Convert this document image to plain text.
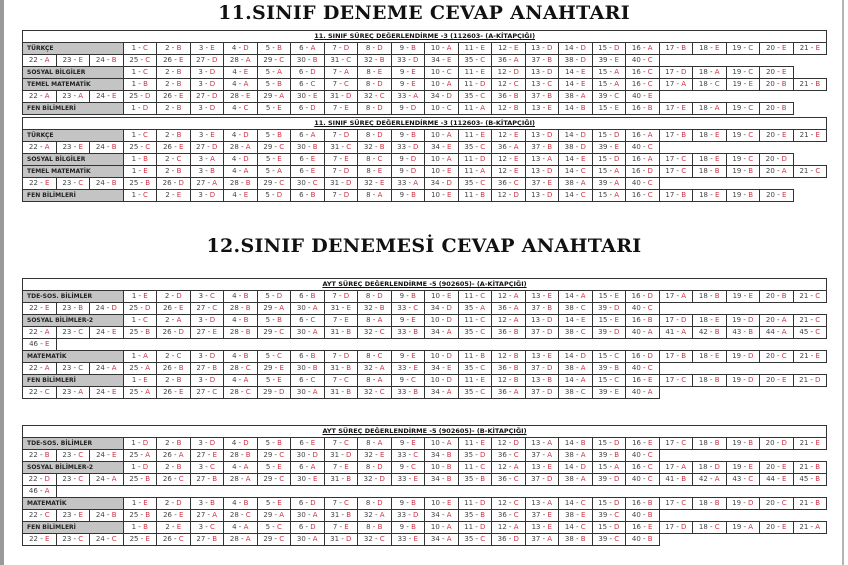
11.SINIF DENEME CEVAP ANAHTARI
11. SINIF SÜREÇ DEĞERLENDİRME -3 (112603- (A-KİTAPÇIĞI)																							
TÜRKÇE			1 - C	2 - B	3 - E	4 - D	5 - B	6 - A	7 - D	8 - D	9 - B	10 - A	11 - E	12 - E	13 - D	14 - D	15 - D	16 - A	17 - B	18 - E	19 - C	20 - E	21 - E
22 - A	23 - E	24 - B	25 - C	26 - E	27 - D	28 - A	29 - C	30 - B	31 - C	32 - B	33 - D	34 - E	35 - C	36 - A	37 - B	38 - D	39 - E	40 - C					
SOSYAL BİLGİLER			1 - C	2 - B	3 - D	4 - E	5 - A	6 - D	7 - A	8 - E	9 - E	10 - C	11 - E	12 - D	13 - D	14 - E	15 - A	16 - C	17 - D	18 - A	19 - C	20 - E	
TEMEL MATEMATİK			1 - B	2 - B	3 - D	4 - A	5 - B	6 - C	7 - C	8 - D	9 - E	10 - A	11 - D	12 - C	13 - C	14 - E	15 - A	16 - C	17 - A	18 - C	19 - E	20 - B	21 - B
22 - A	23 - A	24 - E	25 - D	26 - E	27 - D	28 - E	29 - A	30 - E	31 - D	32 - C	33 - A	34 - D	35 - C	36 - B	37 - B	38 - A	39 - C	40 - E					
FEN BİLİMLERİ			1 - D	2 - B	3 - D	4 - C	5 - E	6 - D	7 - E	8 - D	9 - D	10 - C	11 - A	12 - B	13 - E	14 - B	15 - E	16 - B	17 - E	18 - A	19 - C	20 - B	
11. SINIF SÜREÇ DEĞERLENDİRME -3 (112603- (B-KİTAPÇIĞI)																							
TÜRKÇE			1 - C	2 - B	3 - E	4 - D	5 - B	6 - A	7 - D	8 - D	9 - B	10 - A	11 - E	12 - E	13 - D	14 - D	15 - D	16 - A	17 - B	18 - E	19 - C	20 - E	21 - E
22 - A	23 - E	24 - B	25 - C	26 - E	27 - D	28 - A	29 - C	30 - B	31 - C	32 - B	33 - D	34 - E	35 - C	36 - A	37 - B	38 - D	39 - E	40 - C					
SOSYAL BİLGİLER			1 - B	2 - C	3 - A	4 - D	5 - E	6 - E	7 - E	8 - C	9 - D	10 - A	11 - D	12 - E	13 - A	14 - E	15 - D	16 - A	17 - C	18 - E	19 - C	20 - D	
TEMEL MATEMATİK			1 - E	2 - B	3 - B	4 - A	5 - A	6 - E	7 - D	8 - E	9 - D	10 - E	11 - A	12 - E	13 - D	14 - C	15 - A	16 - D	17 - C	18 - B	19 - B	20 - A	21 - C
22 - E	23 - C	24 - B	25 - B	26 - D	27 - A	28 - B	29 - C	30 - C	31 - D	32 - E	33 - A	34 - D	35 - C	36 - C	37 - E	38 - A	39 - A	40 - C					
FEN BİLİMLERİ			1 - C	2 - E	3 - D	4 - E	5 - D	6 - B	7 - D	8 - A	9 - B	10 - E	11 - B	12 - D	13 - D	14 - C	15 - A	16 - C	17 - B	18 - E	19 - B	20 - E	
12.SINIF DENEMESİ CEVAP ANAHTARI
AYT SÜREÇ DEĞERLENDİRME -5 (902605)- (A-KİTAPÇIĞI)																							
TDE-SOS. BİLİMLER			1 - E	2 - D	3 - C	4 - B	5 - D	6 - B	7 - D	8 - D	9 - B	10 - E	11 - C	12 - A	13 - E	14 - A	15 - E	16 - D	17 - A	18 - B	19 - E	20 - B	21 - C
22 - E	23 - B	24 - D	25 - D	26 - E	27 - C	28 - B	29 - A	30 - A	31 - E	32 - B	33 - C	34 - D	35 - A	36 - A	37 - B	38 - C	39 - D	40 - C					
SOSYAL BİLİMLER-2			1 - C	2 - A	3 - D	4 - B	5 - B	6 - C	7 - E	8 - A	9 - E	10 - D	11 - C	12 - A	13 - D	14 - E	15 - E	16 - B	17 - D	18 - E	19 - D	20 - A	21 - C
22 - A	23 - C	24 - E	25 - B	26 - D	27 - E	28 - B	29 - C	30 - A	31 - B	32 - C	33 - B	34 - A	35 - C	36 - B	37 - D	38 - C	39 - D	40 - A	41 - A	42 - B	43 - B	44 - A	45 - C
46 - E																							
MATEMATİK			1 - A	2 - C	3 - D	4 - B	5 - C	6 - B	7 - D	8 - C	9 - E	10 - D	11 - B	12 - B	13 - E	14 - D	15 - C	16 - D	17 - B	18 - E	19 - D	20 - C	21 - E
22 - A	23 - C	24 - A	25 - A	26 - B	27 - B	28 - C	29 - E	30 - B	31 - B	32 - A	33 - E	34 - E	35 - C	36 - B	37 - D	38 - A	39 - B	40 - C					
FEN BİLİMLERİ			1 - E	2 - B	3 - D	4 - A	5 - E	6 - C	7 - C	8 - A	9 - C	10 - D	11 - E	12 - B	13 - B	14 - A	15 - C	16 - E	17 - C	18 - B	19 - D	20 - E	21 - D
22 - C	23 - A	24 - E	25 - A	26 - E	27 - C	28 - C	29 - D	30 - A	31 - B	32 - C	33 - B	34 - A	35 - C	36 - A	37 - D	38 - C	39 - E	40 - A					
AYT SÜREÇ DEĞERLENDİRME -5 (902605)- (B-KİTAPÇIĞI)																							
TDE-SOS. BİLİMLER			1 - D	2 - B	3 - D	4 - D	5 - B	6 - E	7 - C	8 - A	9 - E	10 - A	11 - E	12 - D	13 - A	14 - B	15 - D	16 - E	17 - C	18 - B	19 - B	20 - D	21 - E
22 - B	23 - C	24 - E	25 - A	26 - A	27 - E	28 - B	29 - C	30 - D	31 - D	32 - E	33 - C	34 - B	35 - D	36 - C	37 - A	38 - A	39 - B	40 - C					
SOSYAL BİLİMLER-2			1 - D	2 - B	3 - C	4 - A	5 - E	6 - A	7 - E	8 - D	9 - C	10 - B	11 - C	12 - A	13 - E	14 - D	15 - A	16 - C	17 - A	18 - D	19 - E	20 - E	21 - B
22 - D	23 - C	24 - A	25 - B	26 - C	27 - B	28 - A	29 - C	30 - E	31 - B	32 - D	33 - E	34 - B	35 - B	36 - C	37 - D	38 - A	39 - D	40 - C	41 - B	42 - A	43 - C	44 - E	45 - B
46 - A																							
MATEMATİK			1 - E	2 - D	3 - B	4 - B	5 - E	6 - D	7 - C	8 - D	9 - B	10 - E	11 - D	12 - C	13 - A	14 - C	15 - D	16 - B	17 - C	18 - B	19 - D	20 - C	21 - B
22 - C	23 - E	24 - B	25 - B	26 - E	27 - A	28 - C	29 - A	30 - A	31 - B	32 - A	33 - D	34 - A	35 - B	36 - C	37 - E	38 - E	39 - C	40 - B					
FEN BİLİMLERİ			1 - B	2 - E	3 - C	4 - A	5 - C	6 - D	7 - E	8 - B	9 - B	10 - A	11 - D	12 - A	13 - E	14 - C	15 - D	16 - E	17 - D	18 - C	19 - A	20 - E	21 - A
22 - E	23 - C	24 - C	25 - E	26 - C	27 - B	28 - A	29 - C	30 - A	31 - D	32 - C	33 - E	34 - A	35 - C	36 - D	37 - A	38 - B	39 - C	40 - B					
